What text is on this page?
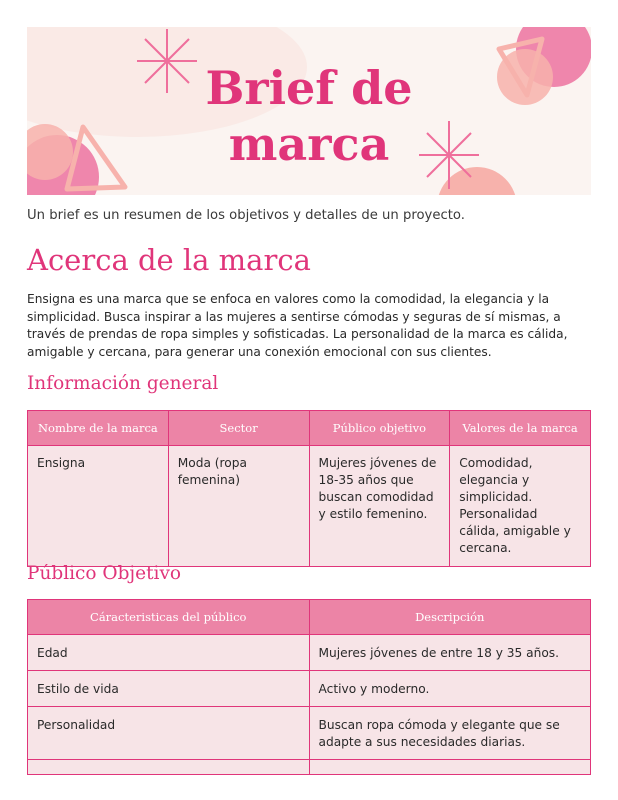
Brief de
marca
Un brief es un resumen de los objetivos y detalles de un proyecto.
Acerca de la marca
Ensigna es una marca que se enfoca en valores como la comodidad, la elegancia y la simplicidad. Busca inspirar a las mujeres a sentirse cómodas y seguras de sí mismas, a través de prendas de ropa simples y sofisticadas. La personalidad de la marca es cálida, amigable y cercana, para generar una conexión emocional con sus clientes.
Información general
Nombre de la marca	Sector	Público objetivo	Valores de la marca
Ensigna	Moda (ropa femenina)	Mujeres jóvenes de 18-35 años que buscan comodidad y estilo femenino.	Comodidad, elegancia y simplicidad. Personalidad cálida, amigable y cercana.
Público Objetivo
Cáracteristicas del público	Descripción
Edad	Mujeres jóvenes de entre 18 y 35 años.
Estilo de vida	Activo y moderno.
Personalidad	Buscan ropa cómoda y elegante que se adapte a sus necesidades diarias.
